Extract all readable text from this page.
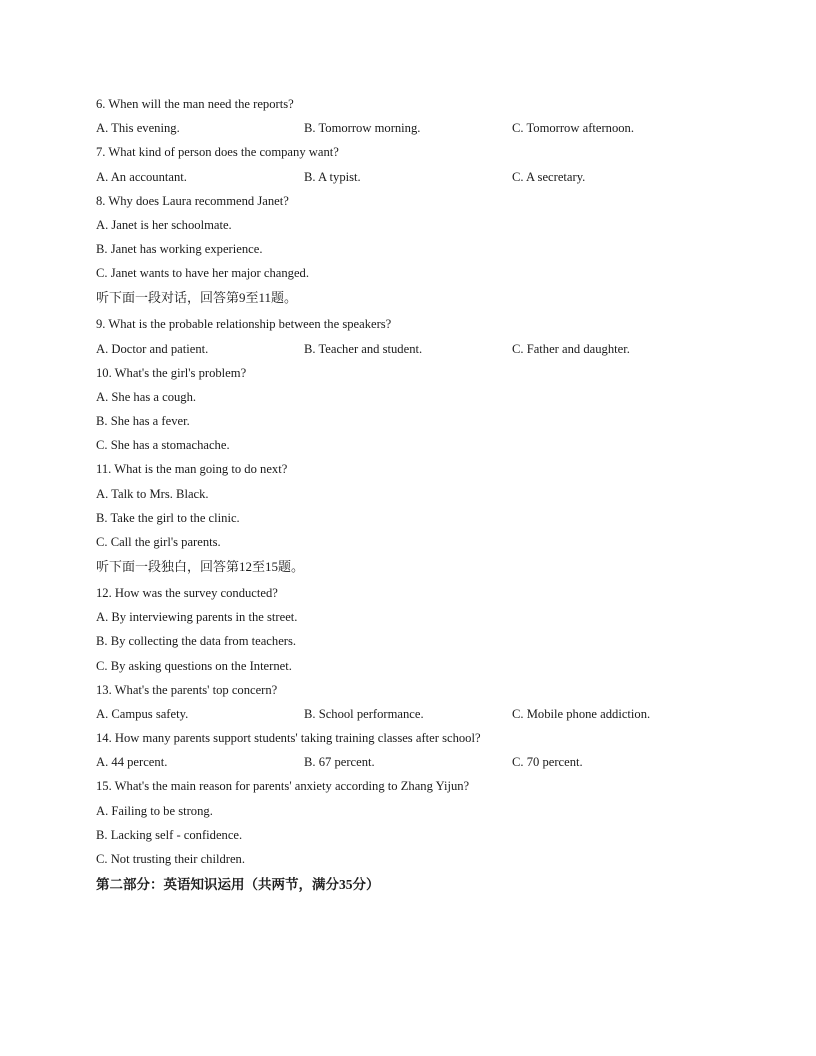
6. When will the man need the reports?
A. This evening.	B. Tomorrow morning.	C. Tomorrow afternoon.
7. What kind of person does the company want?
A. An accountant.	B. A typist.	C. A secretary.
8. Why does Laura recommend Janet?
A. Janet is her schoolmate.
B. Janet has working experience.
C. Janet wants to have her major changed.
听下面一段对话，回答第9至11题。
9. What is the probable relationship between the speakers?
A. Doctor and patient.	B. Teacher and student.	C. Father and daughter.
10. What's the girl's problem?
A. She has a cough.
B. She has a fever.
C. She has a stomachache.
11. What is the man going to do next?
A. Talk to Mrs. Black.
B. Take the girl to the clinic.
C. Call the girl's parents.
听下面一段独白，回答第12至15题。
12. How was the survey conducted?
A. By interviewing parents in the street.
B. By collecting the data from teachers.
C. By asking questions on the Internet.
13. What's the parents' top concern?
A. Campus safety.	B. School performance.	C. Mobile phone addiction.
14. How many parents support students' taking training classes after school?
A. 44 percent.	B. 67 percent.	C. 70 percent.
15. What's the main reason for parents' anxiety according to Zhang Yijun?
A. Failing to be strong.
B. Lacking self - confidence.
C. Not trusting their children.
第二部分：英语知识运用（共两节，满分35分）
